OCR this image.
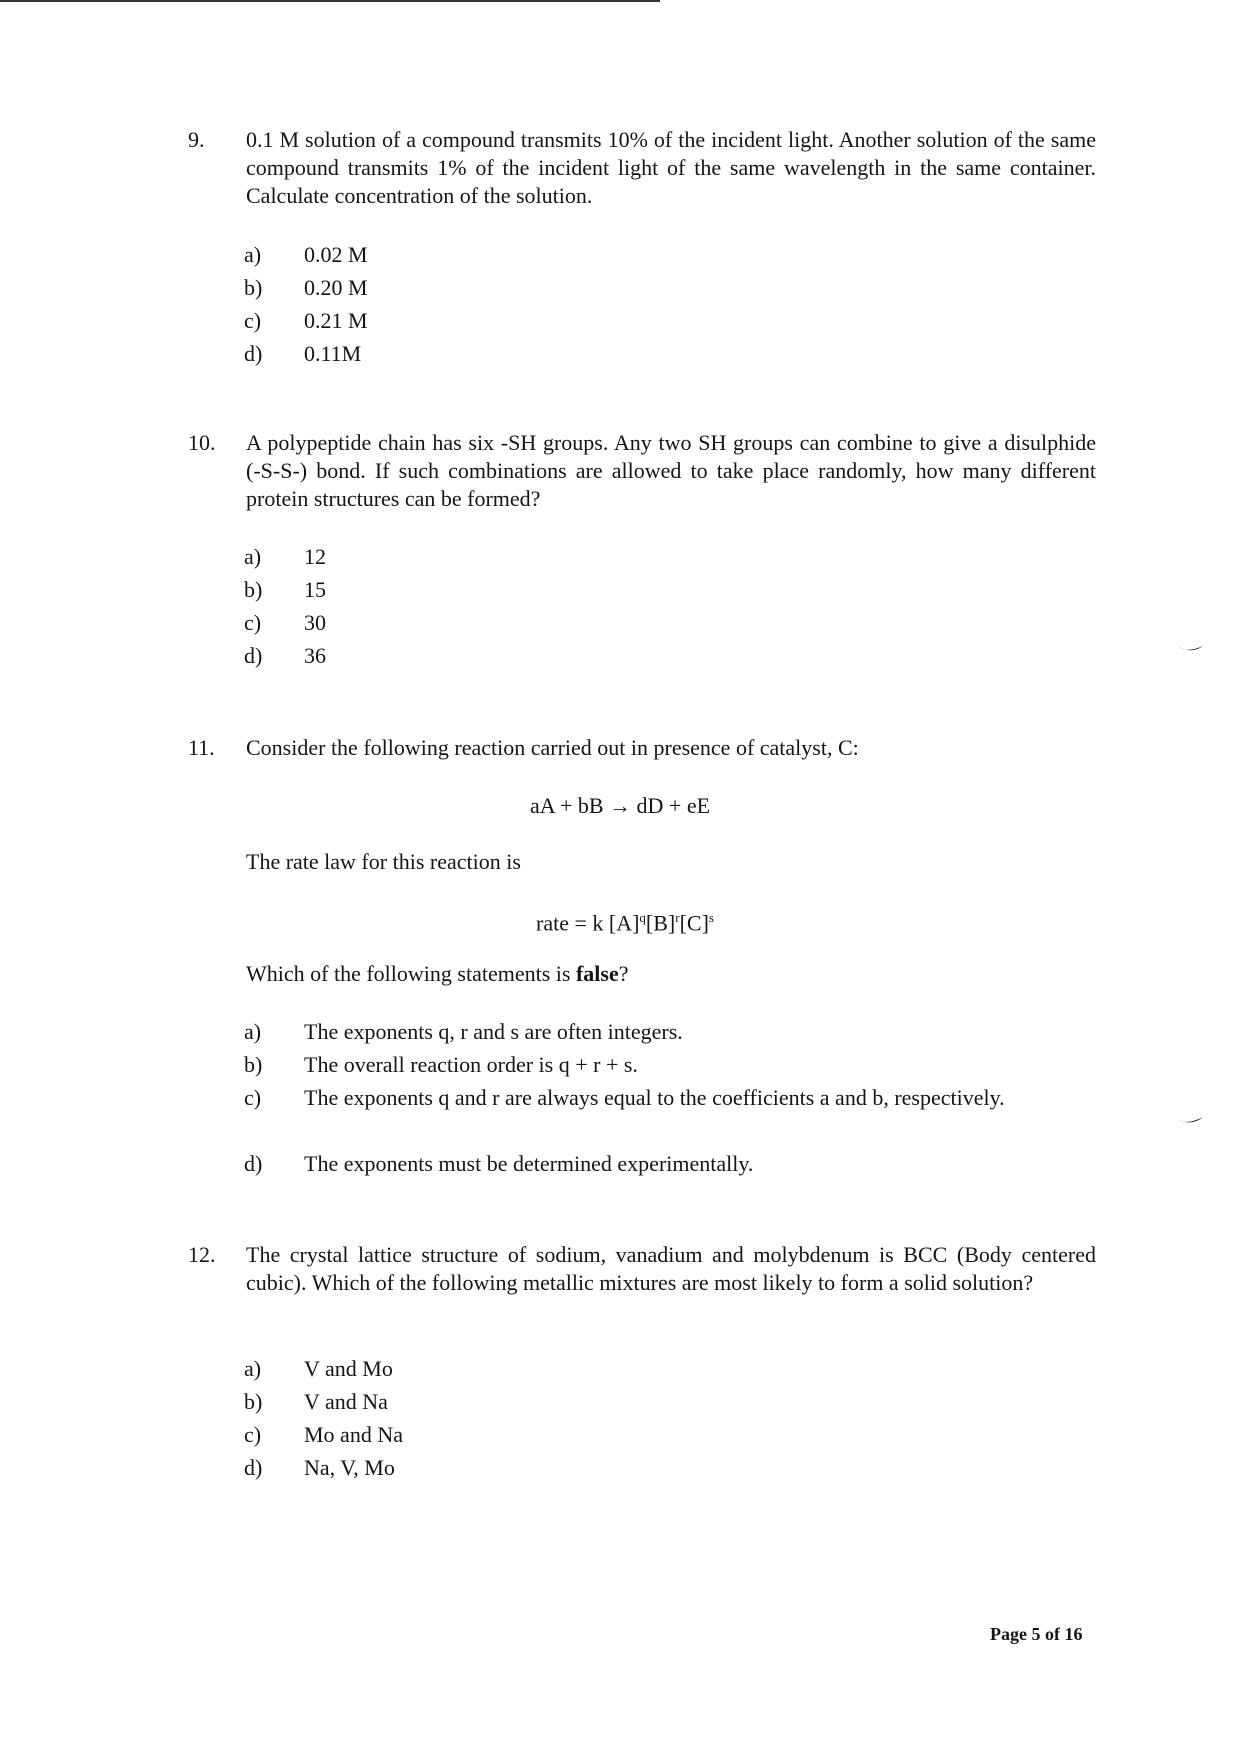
9. 0.1 M solution of a compound transmits 10% of the incident light. Another solution of the same compound transmits 1% of the incident light of the same wavelength in the same container. Calculate concentration of the solution.
a)	0.02 M
b)	0.20 M
c)	0.21 M
d)	0.11M
10. A polypeptide chain has six -SH groups. Any two SH groups can combine to give a disulphide (-S-S-) bond. If such combinations are allowed to take place randomly, how many different protein structures can be formed?
a)	12
b)	15
c)	30
d)	36
11. Consider the following reaction carried out in presence of catalyst, C:
aA + bB → dD + eE
The rate law for this reaction is
rate = k $[A]^q[B]^r[C]^s$
Which of the following statements is false?
a)	The exponents q, r and s are often integers.
b)	The overall reaction order is q + r + s.
c)	The exponents q and r are always equal to the coefficients a and b, respectively.
d)	The exponents must be determined experimentally.
12. The crystal lattice structure of sodium, vanadium and molybdenum is BCC (Body centered cubic). Which of the following metallic mixtures are most likely to form a solid solution?
a)	V and Mo
b)	V and Na
c)	Mo and Na
d)	Na, V, Mo
Page 5 of 16
